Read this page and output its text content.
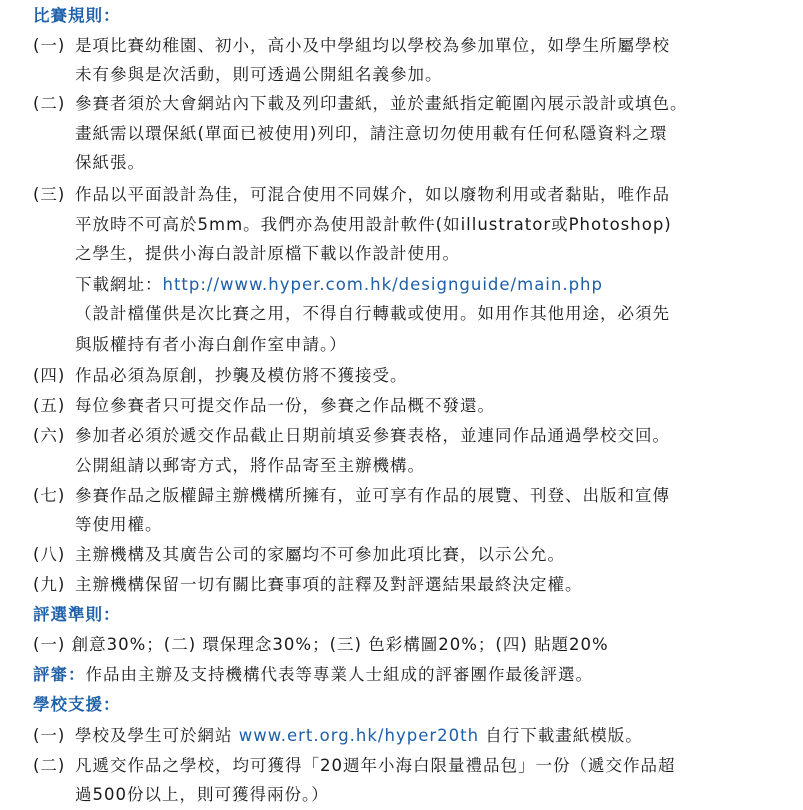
比賽規則：
(一) 是項比賽幼稚園、初小，高小及中學組均以學校為參加單位，如學生所屬學校
未有參與是次活動，則可透過公開組名義參加。
(二) 參賽者須於大會網站內下載及列印畫紙，並於畫紙指定範圍內展示設計或填色。
畫紙需以環保紙(單面已被使用)列印，請注意切勿使用載有任何私隱資料之環
保紙張。
(三) 作品以平面設計為佳，可混合使用不同媒介，如以廢物利用或者黏貼，唯作品
平放時不可高於5mm。我們亦為使用設計軟件(如illustrator或Photoshop)
之學生，提供小海白設計原檔下載以作設計使用。
下載網址：http://www.hyper.com.hk/designguide/main.php
（設計檔僅供是次比賽之用，不得自行轉載或使用。如用作其他用途，必須先
與版權持有者小海白創作室申請。）
(四) 作品必須為原創，抄襲及模仿將不獲接受。
(五) 每位參賽者只可提交作品一份，參賽之作品概不發還。
(六) 參加者必須於遞交作品截止日期前填妥參賽表格，並連同作品通過學校交回。
公開組請以郵寄方式，將作品寄至主辦機構。
(七) 參賽作品之版權歸主辦機構所擁有，並可享有作品的展覽、刊登、出版和宣傳
等使用權。
(八) 主辦機構及其廣告公司的家屬均不可參加此項比賽，以示公允。
(九) 主辦機構保留一切有關比賽事項的註釋及對評選結果最終決定權。
評選準則：
(一) 創意30%；(二) 環保理念30%；(三) 色彩構圖20%；(四) 貼題20%
評審：作品由主辦及支持機構代表等專業人士組成的評審團作最後評選。
學校支援：
(一) 學校及學生可於網站 www.ert.org.hk/hyper20th 自行下載畫紙模版。
(二) 凡遞交作品之學校，均可獲得「20週年小海白限量禮品包」一份（遞交作品超
過500份以上，則可獲得兩份。）
